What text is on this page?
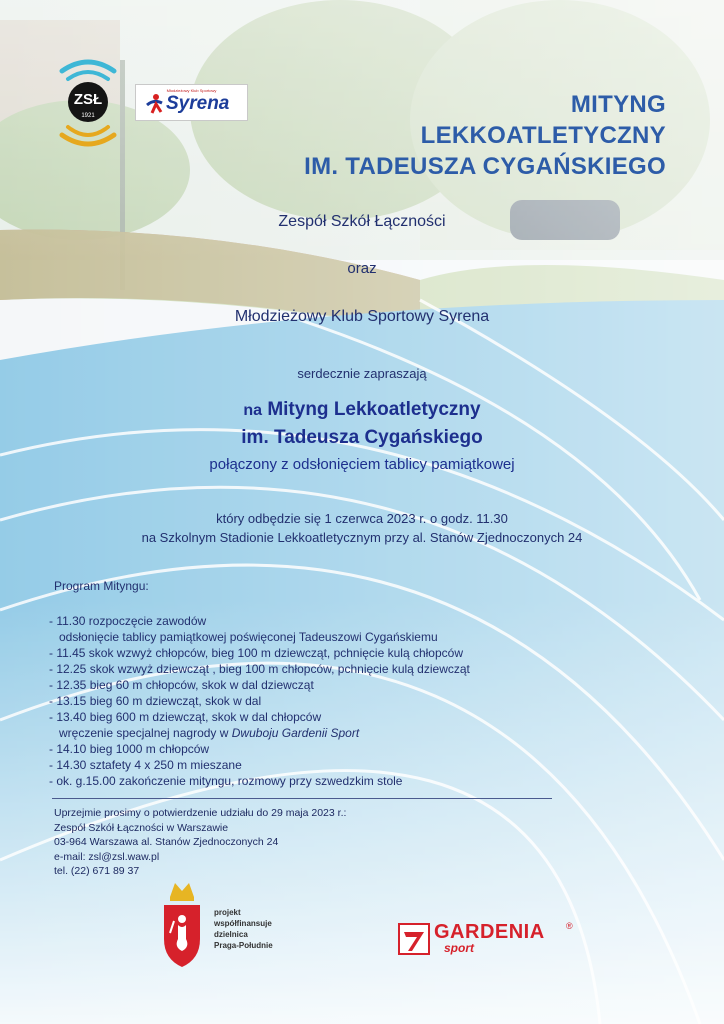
ZSŁ
1921
Młodzieżowy Klub Sportowy
Syrena	MITYNG
LEKKOATLETYCZNY
IM. TADEUSZA CYGAŃSKIEGO
Zespół Szkół Łączności
oraz
Młodzieżowy Klub Sportowy Syrena
serdecznie zapraszają
na Mityng Lekkoatletyczny
im. Tadeusza Cygańskiego
połączony z odsłonięciem tablicy pamiątkowej
który odbędzie się 1 czerwca 2023 r. o godz. 11.30
na Szkolnym Stadionie Lekkoatletycznym przy al. Stanów Zjednoczonych 24
Program Mityngu:
- 11.30 rozpoczęcie zawodów
odsłonięcie tablicy pamiątkowej poświęconej Tadeuszowi Cygańskiemu
- 11.45 skok wzwyż chłopców, bieg 100 m dziewcząt, pchnięcie kulą chłopców
- 12.25 skok wzwyż dziewcząt , bieg 100 m chłopców, pchnięcie kulą dziewcząt
- 12.35 bieg 60 m chłopców, skok w dal dziewcząt
- 13.15 bieg 60 m dziewcząt, skok w dal
- 13.40 bieg 600 m dziewcząt, skok w dal chłopców
wręczenie specjalnej nagrody w Dwuboju Gardenii Sport
- 14.10 bieg 1000 m chłopców
- 14.30 sztafety 4 x 250 m mieszane
- ok. g.15.00 zakończenie mityngu, rozmowy przy szwedzkim stole
Uprzejmie prosimy o potwierdzenie udziału do 29 maja 2023 r.:
Zespół Szkół Łączności w Warszawie
03-964 Warszawa al. Stanów Zjednoczonych 24
e-mail: zsl@zsl.waw.pl
tel. (22) 671 89 37
projekt
współfinansuje
dzielnica
Praga-Południe
GARDENIA ®
sport
